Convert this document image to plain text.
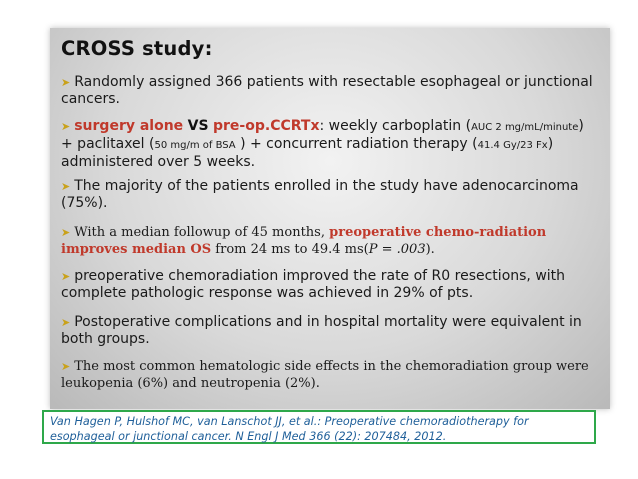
CROSS study:
➤ Randomly assigned 366 patients with resectable esophageal or junctional cancers.
➤ surgery alone VS pre-op.CCRTx: weekly carboplatin (AUC 2 mg/mL/minute) + paclitaxel (50 mg/m of BSA ) + concurrent radiation therapy (41.4 Gy/23 Fx) administered over 5 weeks.
➤ The majority of the patients enrolled in the study have adenocarcinoma (75%).
➤ With a median followup of 45 months, preoperative chemo-radiation improves median OS from 24 ms to 49.4 ms(P = .003).
➤ preoperative chemoradiation improved the rate of R0 resections, with complete pathologic response was achieved in 29% of pts.
➤ Postoperative complications and in hospital mortality were equivalent in both groups.
➤ The most common hematologic side effects in the chemoradiation group were leukopenia (6%) and neutropenia (2%).
Van Hagen P, Hulshof MC, van Lanschot JJ, et al.: Preoperative chemoradiotherapy for esophageal or junctional cancer. N Engl J Med 366 (22): 207484, 2012.
